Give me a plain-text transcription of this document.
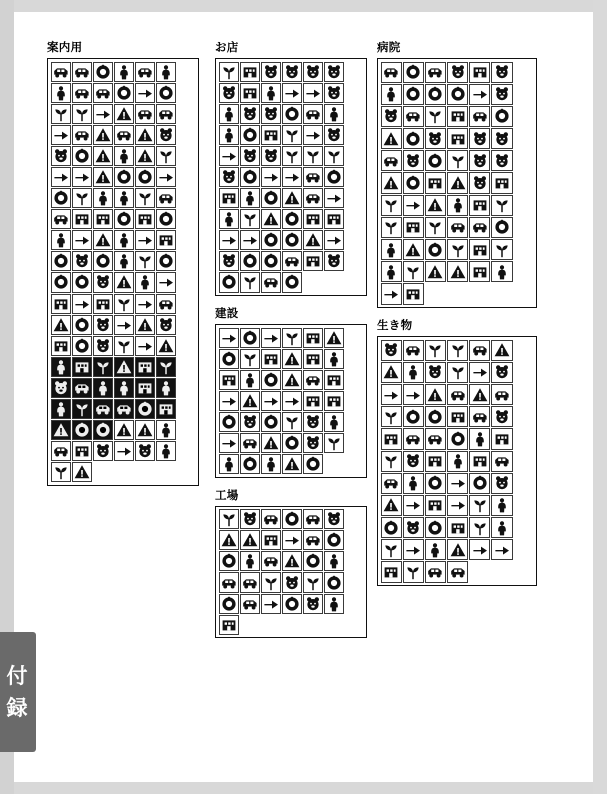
案内用	お店
建設
工場
病院
生き物
付
録
